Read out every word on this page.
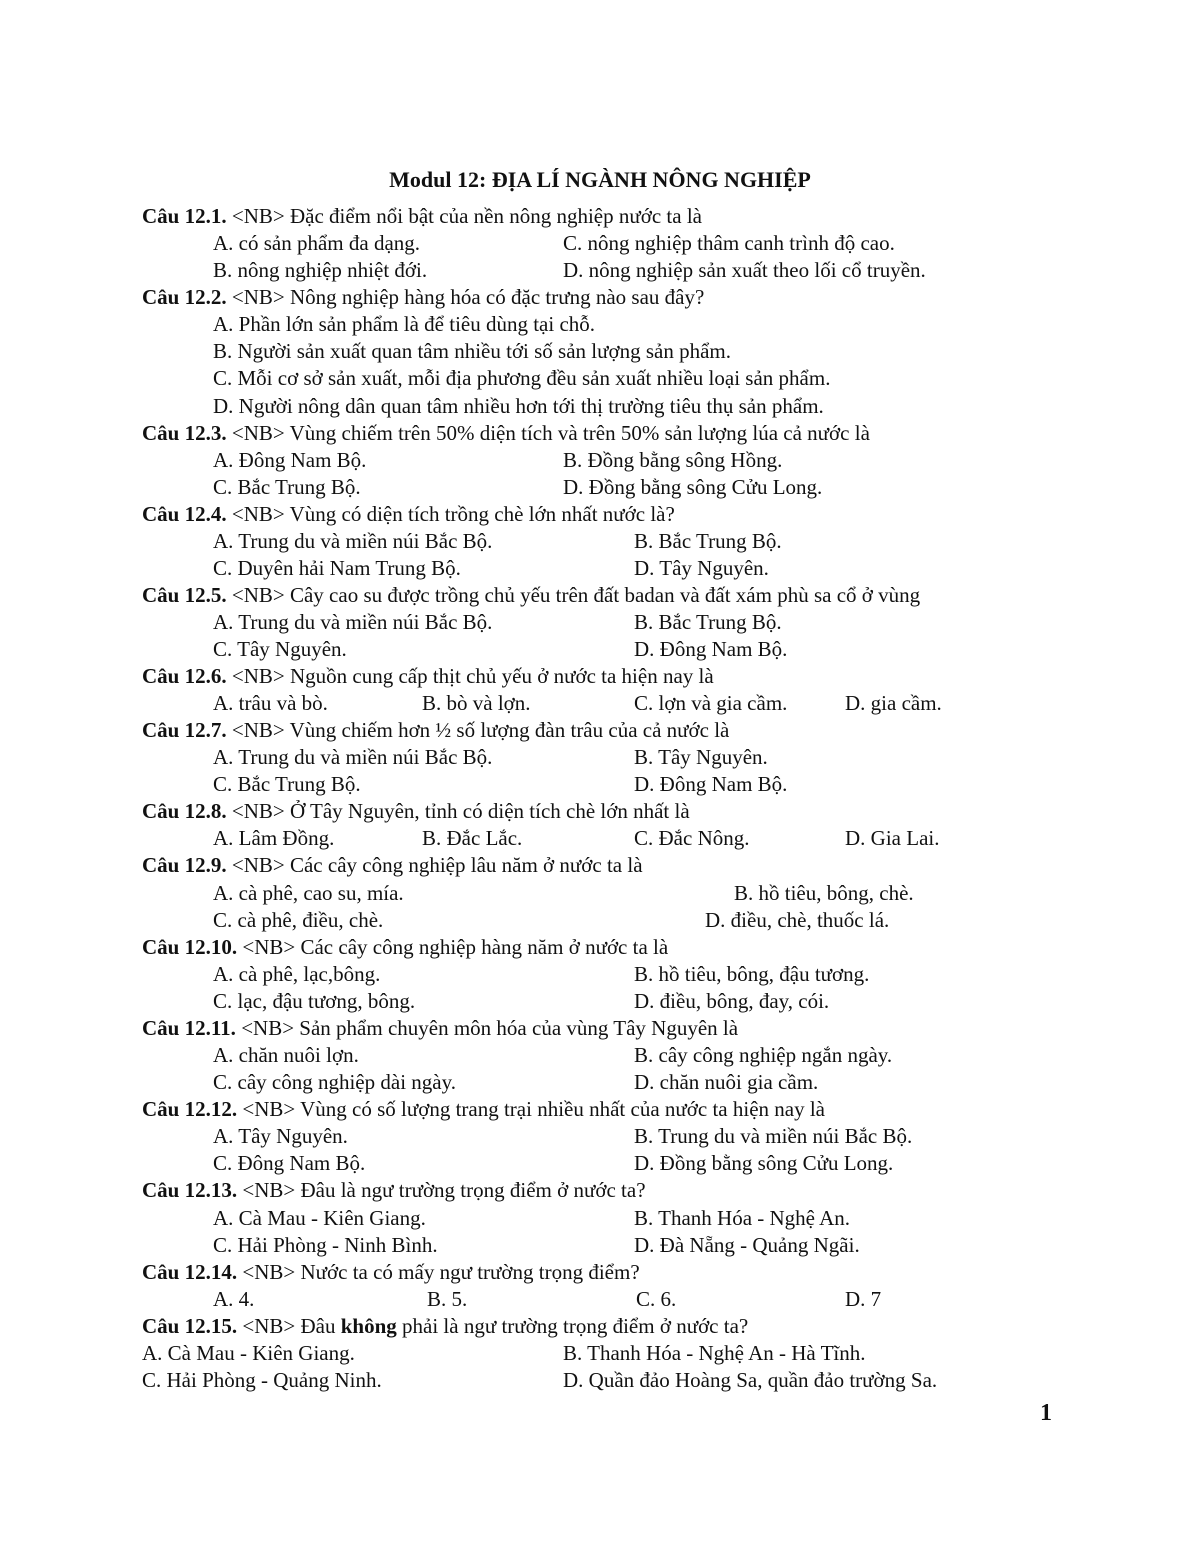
Modul 12: ĐỊA LÍ NGÀNH NÔNG NGHIỆP
Câu 12.1. <NB> Đặc điểm nổi bật của nền nông nghiệp nước ta là
A. có sản phẩm đa dạng.	C. nông nghiệp thâm canh trình độ cao.
B. nông nghiệp nhiệt đới.	D. nông nghiệp sản xuất theo lối cổ truyền.
Câu 12.2. <NB> Nông nghiệp hàng hóa có đặc trưng nào sau đây?
A. Phần lớn sản phẩm là để tiêu dùng tại chỗ.
B. Người sản xuất quan tâm nhiều tới số sản lượng sản phẩm.
C. Mỗi cơ sở sản xuất, mỗi địa phương đều sản xuất nhiều loại sản phẩm.
D. Người nông dân quan tâm nhiều hơn tới thị trường tiêu thụ sản phẩm.
Câu 12.3. <NB> Vùng chiếm trên 50% diện tích và trên 50% sản lượng lúa cả nước là
A. Đông Nam Bộ.	B. Đồng bằng sông Hồng.
C. Bắc Trung Bộ.	D. Đồng bằng sông Cửu Long.
Câu 12.4. <NB> Vùng có diện tích trồng chè lớn nhất nước là?
A. Trung du và miền núi Bắc Bộ.	B. Bắc Trung Bộ.
C. Duyên hải Nam Trung Bộ.	D. Tây Nguyên.
Câu 12.5. <NB> Cây cao su được trồng chủ yếu trên đất badan và đất xám phù sa cổ ở vùng
A. Trung du và miền núi Bắc Bộ.	B. Bắc Trung Bộ.
C. Tây Nguyên.	D. Đông Nam Bộ.
Câu 12.6. <NB> Nguồn cung cấp thịt chủ yếu ở nước ta hiện nay là
A. trâu và bò.	B. bò và lợn.	C. lợn và gia cầm.	D. gia cầm.
Câu 12.7. <NB> Vùng chiếm hơn ½ số lượng đàn trâu của cả nước là
A. Trung du và miền núi Bắc Bộ.	B. Tây Nguyên.
C. Bắc Trung Bộ.	D. Đông Nam Bộ.
Câu 12.8. <NB> Ở Tây Nguyên, tỉnh có diện tích chè lớn nhất là
A. Lâm Đồng.	B. Đắc Lắc.	C. Đắc Nông.	D. Gia Lai.
Câu 12.9. <NB> Các cây công nghiệp lâu năm ở nước ta là
A. cà phê, cao su, mía.	B. hồ tiêu, bông, chè.
C. cà phê, điều, chè.	D. điều, chè, thuốc lá.
Câu 12.10. <NB> Các cây công nghiệp hàng năm ở nước ta là
A. cà phê, lạc,bông.	B. hồ tiêu, bông, đậu tương.
C. lạc, đậu tương, bông.	D. điều, bông, đay, cói.
Câu 12.11. <NB> Sản phẩm chuyên môn hóa của vùng Tây Nguyên là
A. chăn nuôi lợn.	B. cây công nghiệp ngắn ngày.
C. cây công nghiệp dài ngày.	D. chăn nuôi gia cầm.
Câu 12.12. <NB> Vùng có số lượng trang trại nhiều nhất của nước ta hiện nay là
A. Tây Nguyên.	B. Trung du và miền núi Bắc Bộ.
C. Đông Nam Bộ.	D. Đồng bằng sông Cửu Long.
Câu 12.13. <NB> Đâu là ngư trường trọng điểm ở nước ta?
A. Cà Mau - Kiên Giang.	B. Thanh Hóa - Nghệ An.
C. Hải Phòng - Ninh Bình.	D. Đà Nẵng - Quảng Ngãi.
Câu 12.14. <NB> Nước ta có mấy ngư trường trọng điểm?
A. 4.	B. 5.	C. 6.	D. 7
Câu 12.15. <NB> Đâu không phải là ngư trường trọng điểm ở nước ta?
A. Cà Mau - Kiên Giang.	B. Thanh Hóa - Nghệ An - Hà Tĩnh.
C. Hải Phòng - Quảng Ninh.	D. Quần đảo Hoàng Sa, quần đảo trường Sa.
1
